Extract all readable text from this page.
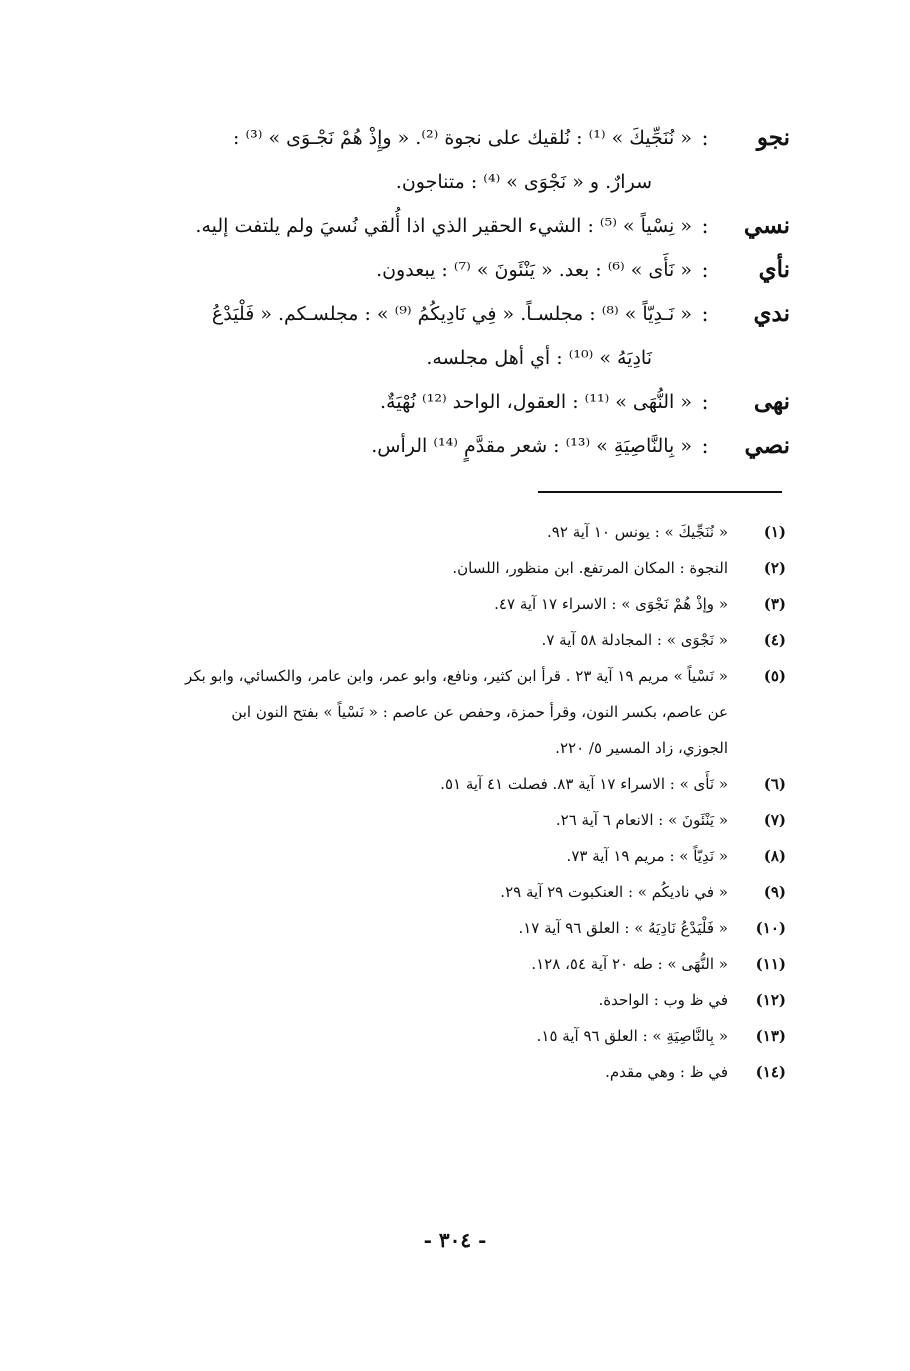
نجو
:
« نُنَجِّيكَ » ⁽¹⁾ : نُلقيك على نجوة ⁽²⁾. « وإِذْ هُمْ نَجْـوَى » ⁽³⁾ :
سرارٌ. و « نَجْوَى » ⁽⁴⁾ : متناجون.
نسي
:
« نِسْياً » ⁽⁵⁾ : الشيء الحقير الذي اذا أُلقي نُسيَ ولم يلتفت إليه.
نأي
:
« نَأَى » ⁽⁶⁾ : بعد. « يَنْئَونَ » ⁽⁷⁾ : يبعدون.
ندي
:
« نَـدِيّاً » ⁽⁸⁾ : مجلسـاً. « فِي نَادِيكُمُ ⁽⁹⁾ » : مجلسـكم. « فَلْيَدْعُ
نَادِيَهُ » ⁽¹⁰⁾ : أي أهل مجلسه.
نهى
:
« النُّهَى » ⁽¹¹⁾ : العقول، الواحد ⁽¹²⁾ نُهْيَةٌ.
نصي
:
« بِالنَّاصِيَةِ » ⁽¹³⁾ : شعر مقدَّمٍ ⁽¹⁴⁾ الرأس.
(١)
« نُنَجِّيكَ » : يونس ١٠ آية ٩٢.
(٢)
النجوة : المكان المرتفع. ابن منظور، اللسان.
(٣)
« وإذْ هُمْ نَجْوَى » : الاسراء ١٧ آية ٤٧.
(٤)
« نَجْوَى » : المجادلة ٥٨ آية ٧.
(٥)
« نَسْياً » مريم ١٩ آية ٢٣ . قرأ ابن كثير، ونافع، وابو عمر، وابن عامر، والكسائي، وابو بكر
عن عاصم، بكسر النون، وقرأ حمزة، وحفص عن عاصم : « نَسْياً » بفتح النون ابن
الجوزي، زاد المسير ٥/ ٢٢٠.
(٦)
« نَأَى » : الاسراء ١٧ آية ٨٣. فصلت ٤١ آية ٥١.
(٧)
« يَنْئَونَ » : الانعام ٦ آية ٢٦.
(٨)
« نَدِيّاً » : مريم ١٩ آية ٧٣.
(٩)
« في ناديكُم » : العنكبوت ٢٩ آية ٢٩.
(١٠)
« فَلْيَدْعُ نَادِيَهُ » : العلق ٩٦ آية ١٧.
(١١)
« النُّهَى » : طه ٢٠ آية ٥٤، ١٢٨.
(١٢)
في ظ وب : الواحدة.
(١٣)
« بِالنَّاصِيَةِ » : العلق ٩٦ آية ١٥.
(١٤)
في ظ : وهي مقدم.
- ٣٠٤ -
